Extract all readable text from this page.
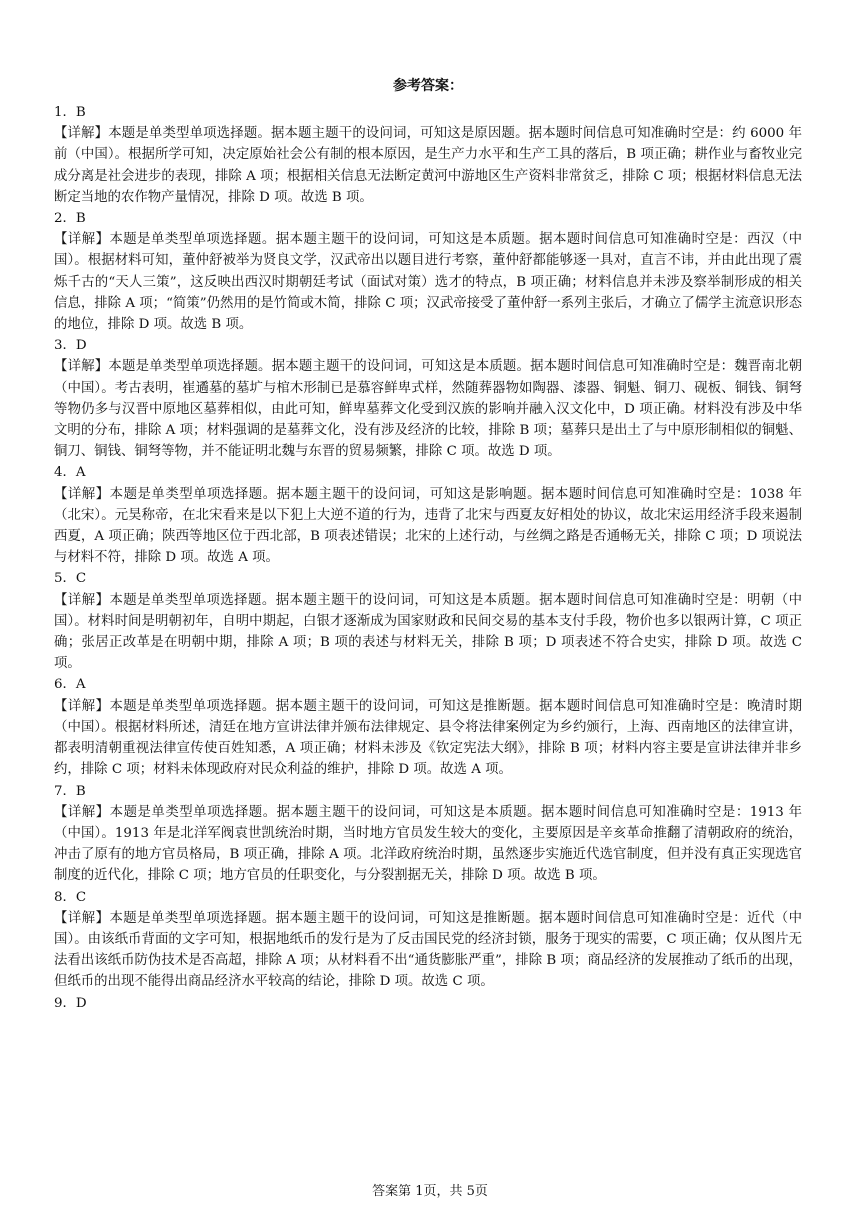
参考答案：

1．B

【详解】本题是单类型单项选择题。据本题主题干的设问词，可知这是原因题。据本题时间信息可知准确时空是：约 6000 年前（中国）。根据所学可知，决定原始社会公有制的根本原因，是生产力水平和生产工具的落后，B 项正确；耕作业与畜牧业完成分离是社会进步的表现，排除 A 项；根据相关信息无法断定黄河中游地区生产资料非常贫乏，排除 C 项；根据材料信息无法断定当地的农作物产量情况，排除 D 项。故选 B 项。

2．B

【详解】本题是单类型单项选择题。据本题主题干的设问词，可知这是本质题。据本题时间信息可知准确时空是：西汉（中国）。根据材料可知，董仲舒被举为贤良文学，汉武帝出以题目进行考察，董仲舒都能够逐一具对，直言不讳，并由此出现了震烁千古的“天人三策”，这反映出西汉时期朝廷考试（面试对策）选才的特点，B 项正确；材料信息并未涉及察举制形成的相关信息，排除 A 项；“简策”仍然用的是竹简或木简，排除 C 项；汉武帝接受了董仲舒一系列主张后，才确立了儒学主流意识形态的地位，排除 D 项。故选 B 项。

3．D

【详解】本题是单类型单项选择题。据本题主题干的设问词，可知这是本质题。据本题时间信息可知准确时空是：魏晋南北朝（中国）。考古表明，崔遹墓的墓圹与棺木形制已是慕容鲜卑式样，然随葬器物如陶器、漆器、铜魁、铜刀、砚板、铜钱、铜弩等物仍多与汉晋中原地区墓葬相似，由此可知，鲜卑墓葬文化受到汉族的影响并融入汉文化中，D 项正确。材料没有涉及中华文明的分布，排除 A 项；材料强调的是墓葬文化，没有涉及经济的比较，排除 B 项；墓葬只是出土了与中原形制相似的铜魁、铜刀、铜钱、铜弩等物，并不能证明北魏与东晋的贸易频繁，排除 C 项。故选 D 项。

4．A

【详解】本题是单类型单项选择题。据本题主题干的设问词，可知这是影响题。据本题时间信息可知准确时空是：1038 年（北宋）。元昊称帝，在北宋看来是以下犯上大逆不道的行为，违背了北宋与西夏友好相处的协议，故北宋运用经济手段来遏制西夏，A 项正确；陕西等地区位于西北部，B 项表述错误；北宋的上述行动，与丝绸之路是否通畅无关，排除 C 项；D 项说法与材料不符，排除 D 项。故选 A 项。

5．C

【详解】本题是单类型单项选择题。据本题主题干的设问词，可知这是本质题。据本题时间信息可知准确时空是：明朝（中国）。材料时间是明朝初年，自明中期起，白银才逐渐成为国家财政和民间交易的基本支付手段，物价也多以银两计算，C 项正确；张居正改革是在明朝中期，排除 A 项；B 项的表述与材料无关，排除 B 项；D 项表述不符合史实，排除 D 项。故选 C 项。

6．A

【详解】本题是单类型单项选择题。据本题主题干的设问词，可知这是推断题。据本题时间信息可知准确时空是：晚清时期（中国）。根据材料所述，清廷在地方宣讲法律并颁布法律规定、县令将法律案例定为乡约颁行，上海、西南地区的法律宣讲，都表明清朝重视法律宣传使百姓知悉，A 项正确；材料未涉及《钦定宪法大纲》，排除 B 项；材料内容主要是宣讲法律并非乡约，排除 C 项；材料未体现政府对民众利益的维护，排除 D 项。故选 A 项。

7．B

【详解】本题是单类型单项选择题。据本题主题干的设问词，可知这是本质题。据本题时间信息可知准确时空是：1913 年（中国）。1913 年是北洋军阀袁世凯统治时期，当时地方官员发生较大的变化，主要原因是辛亥革命推翻了清朝政府的统治，冲击了原有的地方官员格局，B 项正确，排除 A 项。北洋政府统治时期，虽然逐步实施近代选官制度，但并没有真正实现选官制度的近代化，排除 C 项；地方官员的任职变化，与分裂割据无关，排除 D 项。故选 B 项。

8．C

【详解】本题是单类型单项选择题。据本题主题干的设问词，可知这是推断题。据本题时间信息可知准确时空是：近代（中国）。由该纸币背面的文字可知，根据地纸币的发行是为了反击国民党的经济封锁，服务于现实的需要，C 项正确；仅从图片无法看出该纸币防伪技术是否高超，排除 A 项；从材料看不出“通货膨胀严重”，排除 B 项；商品经济的发展推动了纸币的出现，但纸币的出现不能得出商品经济水平较高的结论，排除 D 项。故选 C 项。

9．D

答案第 1页，共 5页
